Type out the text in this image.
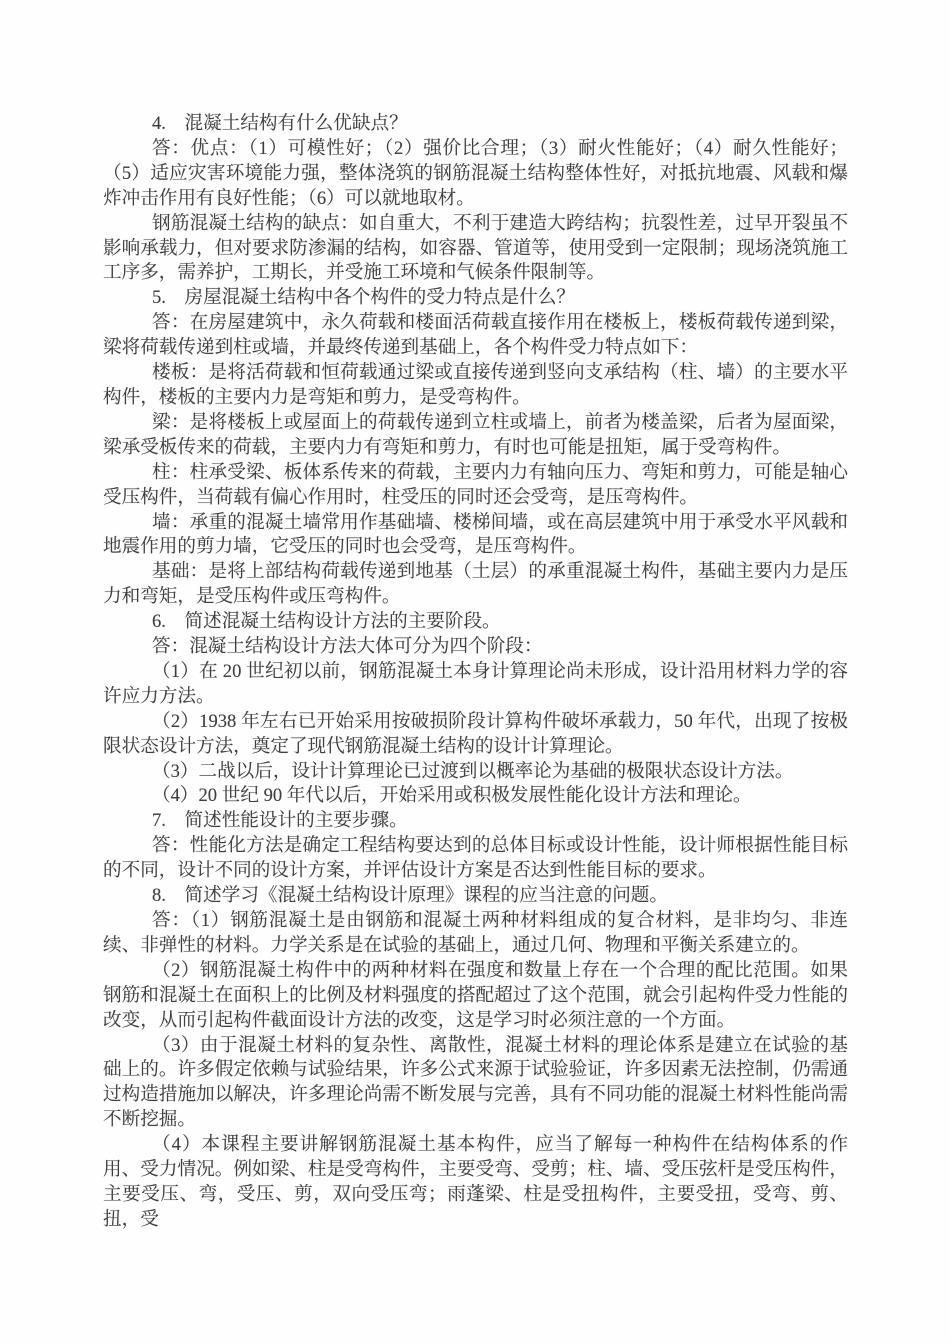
4.　混凝土结构有什么优缺点？

答：优点：（1）可模性好；（2）强价比合理；（3）耐火性能好；（4）耐久性能好；（5）适应灾害环境能力强，整体浇筑的钢筋混凝土结构整体性好，对抵抗地震、风载和爆炸冲击作用有良好性能；（6）可以就地取材。

钢筋混凝土结构的缺点：如自重大，不利于建造大跨结构；抗裂性差，过早开裂虽不影响承载力，但对要求防渗漏的结构，如容器、管道等，使用受到一定限制；现场浇筑施工工序多，需养护，工期长，并受施工环境和气候条件限制等。

5.　房屋混凝土结构中各个构件的受力特点是什么？

答：在房屋建筑中，永久荷载和楼面活荷载直接作用在楼板上，楼板荷载传递到梁，梁将荷载传递到柱或墙，并最终传递到基础上，各个构件受力特点如下：

楼板：是将活荷载和恒荷载通过梁或直接传递到竖向支承结构（柱、墙）的主要水平构件，楼板的主要内力是弯矩和剪力，是受弯构件。

梁：是将楼板上或屋面上的荷载传递到立柱或墙上，前者为楼盖梁，后者为屋面梁，梁承受板传来的荷载，主要内力有弯矩和剪力，有时也可能是扭矩，属于受弯构件。

柱：柱承受梁、板体系传来的荷载，主要内力有轴向压力、弯矩和剪力，可能是轴心受压构件，当荷载有偏心作用时，柱受压的同时还会受弯，是压弯构件。

墙：承重的混凝土墙常用作基础墙、楼梯间墙，或在高层建筑中用于承受水平风载和地震作用的剪力墙，它受压的同时也会受弯，是压弯构件。

基础：是将上部结构荷载传递到地基（土层）的承重混凝土构件，基础主要内力是压力和弯矩，是受压构件或压弯构件。

6.　简述混凝土结构设计方法的主要阶段。

答：混凝土结构设计方法大体可分为四个阶段：

（1）在 20 世纪初以前，钢筋混凝土本身计算理论尚未形成，设计沿用材料力学的容许应力方法。

（2）1938 年左右已开始采用按破损阶段计算构件破坏承载力，50 年代，出现了按极限状态设计方法，奠定了现代钢筋混凝土结构的设计计算理论。

（3）二战以后，设计计算理论已过渡到以概率论为基础的极限状态设计方法。

（4）20 世纪 90 年代以后，开始采用或积极发展性能化设计方法和理论。

7.　简述性能设计的主要步骤。

答：性能化方法是确定工程结构要达到的总体目标或设计性能，设计师根据性能目标的不同，设计不同的设计方案，并评估设计方案是否达到性能目标的要求。

8.　简述学习《混凝土结构设计原理》课程的应当注意的问题。

答：（1）钢筋混凝土是由钢筋和混凝土两种材料组成的复合材料，是非均匀、非连续、非弹性的材料。力学关系是在试验的基础上，通过几何、物理和平衡关系建立的。

（2）钢筋混凝土构件中的两种材料在强度和数量上存在一个合理的配比范围。如果钢筋和混凝土在面积上的比例及材料强度的搭配超过了这个范围，就会引起构件受力性能的改变，从而引起构件截面设计方法的改变，这是学习时必须注意的一个方面。

（3）由于混凝土材料的复杂性、离散性，混凝土材料的理论体系是建立在试验的基础上的。许多假定依赖与试验结果，许多公式来源于试验验证，许多因素无法控制，仍需通过构造措施加以解决，许多理论尚需不断发展与完善，具有不同功能的混凝土材料性能尚需不断挖掘。

（4）本课程主要讲解钢筋混凝土基本构件，应当了解每一种构件在结构体系的作用、受力情况。例如梁、柱是受弯构件，主要受弯、受剪；柱、墙、受压弦杆是受压构件，主要受压、弯，受压、剪，双向受压弯；雨蓬梁、柱是受扭构件，主要受扭，受弯、剪、扭，受
